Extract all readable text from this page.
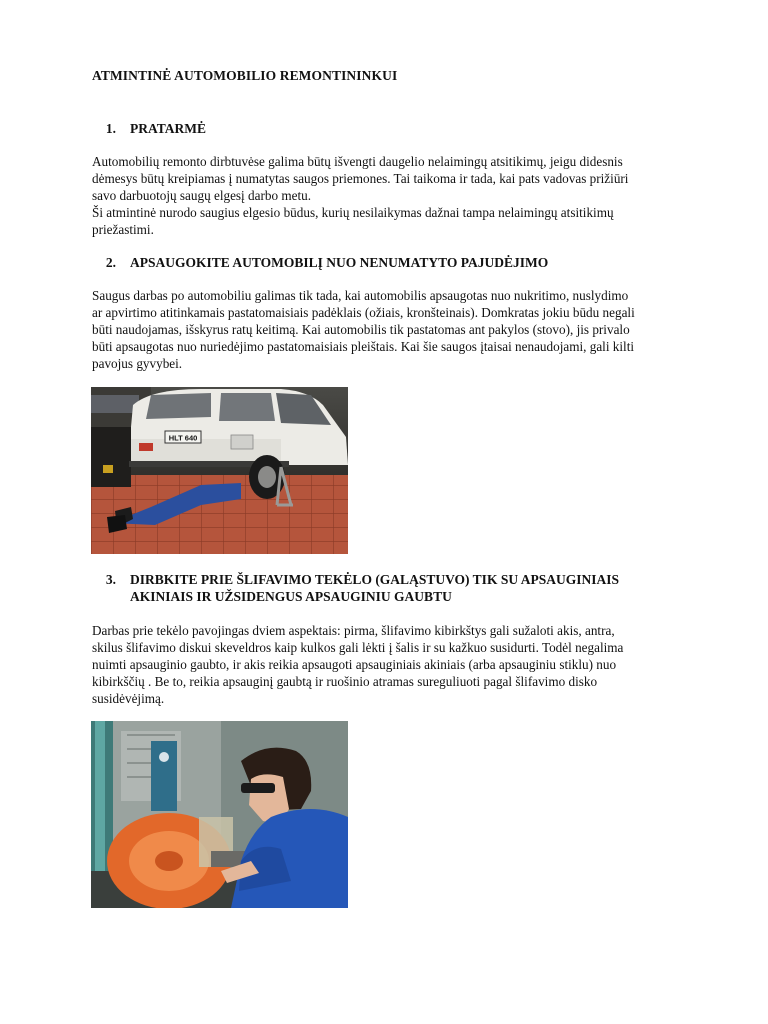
ATMINTINĖ AUTOMOBILIO REMONTININKUI
1. PRATARMĖ
Automobilių remonto dirbtuvėse galima būtų išvengti daugelio nelaimingų atsitikimų, jeigu didesnis
dėmesys būtų kreipiamas į numatytas saugos priemones. Tai taikoma ir tada, kai pats vadovas prižiūri
savo darbuotojų saugų elgesį darbo metu.
Ši atmintinė nurodo saugius elgesio būdus, kurių nesilaikymas dažnai tampa nelaimingų atsitikimų
priežastimi.
2. APSAUGOKITE AUTOMOBILĮ NUO NENUMATYTO PAJUDĖJIMO
Saugus darbas po automobiliu galimas tik tada, kai automobilis apsaugotas nuo nukritimo, nuslydimo
ar apvirtimo atitinkamais pastatomaisiais padėklais (ožiais, kronšteinais). Domkratas jokiu būdu negali
būti naudojamas, išskyrus ratų keitimą. Kai automobilis tik pastatomas ant pakylos (stovo), jis privalo
būti apsaugotas nuo nuriedėjimo pastatomaisiais pleištais. Kai šie saugos įtaisai nenaudojami, gali kilti
pavojus gyvybei.
HLT 640
3. DIRBKITE PRIE ŠLIFAVIMO TEKĖLO (GALĄSTUVO) TIK SU APSAUGINIAIS
AKINIAIS IR UŽSIDENGUS APSAUGINIU GAUBTU
Darbas prie tekėlo pavojingas dviem aspektais: pirma, šlifavimo kibirkštys gali sužaloti akis, antra,
skilus šlifavimo diskui skeveldros kaip kulkos gali lėkti į šalis ir su kažkuo susidurti. Todėl negalima
nuimti apsauginio gaubto, ir akis reikia apsaugoti apsauginiais akiniais (arba apsauginiu stiklu) nuo
kibirkščių . Be to, reikia apsauginį gaubtą ir ruošinio atramas sureguliuoti pagal šlifavimo disko
susidėvėjimą.
